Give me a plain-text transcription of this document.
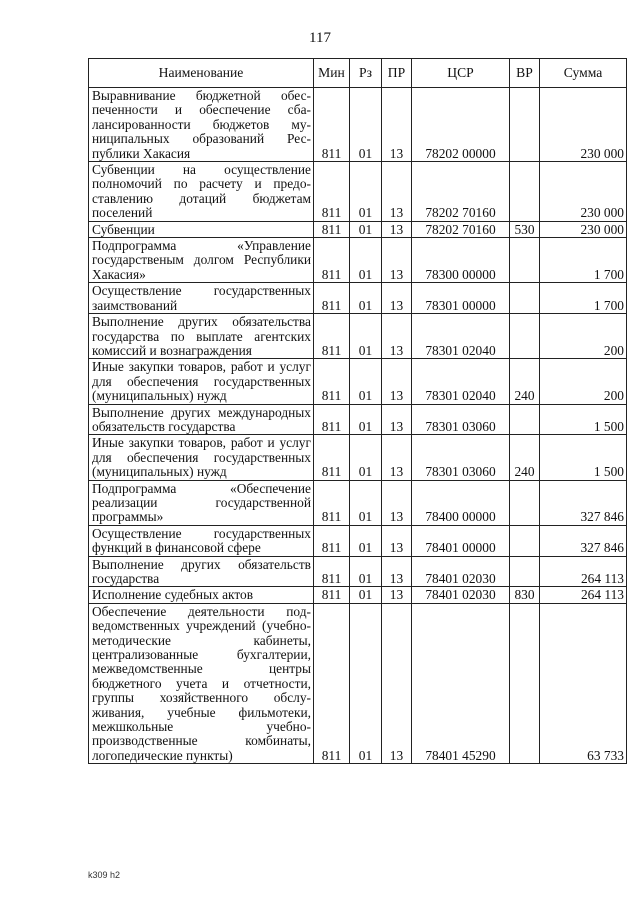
117
Наименование	Мин	Рз	ПР	ЦСР	ВР	Сумма
Выравнивание бюджетной обеспеченности и обеспечение сбалансированности бюджетов муниципальных образований Республики Хакасия	811	01	13	78202 00000		230 000
Субвенции на осуществление полномочий по расчету и предоставлению дотаций бюджетам поселений	811	01	13	78202 70160		230 000
Субвенции	811	01	13	78202 70160	530	230 000
Подпрограмма «Управление государственым долгом Республики Хакасия»	811	01	13	78300 00000		1 700
Осуществление государственных заимствований	811	01	13	78301 00000		1 700
Выполнение других обязательства государства по выплате агентских комиссий и вознаграждения	811	01	13	78301 02040		200
Иные закупки товаров, работ и услуг для обеспечения государственных (муниципальных) нужд	811	01	13	78301 02040	240	200
Выполнение других международных обязательств государства	811	01	13	78301 03060		1 500
Иные закупки товаров, работ и услуг для обеспечения государственных (муниципальных) нужд	811	01	13	78301 03060	240	1 500
Подпрограмма «Обеспечение реализации государственной программы»	811	01	13	78400 00000		327 846
Осуществление государственных функций в финансовой сфере	811	01	13	78401 00000		327 846
Выполнение других обязательств государства	811	01	13	78401 02030		264 113
Исполнение судебных актов	811	01	13	78401 02030	830	264 113
Обеспечение деятельности подведомственных учреждений (учебно-методические кабинеты, централизованные бухгалтерии, межведомственные центры бюджетного учета и отчетности, группы хозяйственного обслуживания, учебные фильмотеки, межшкольные учебнопроизводственные комбинаты, логопедические пункты)	811	01	13	78401 45290		63 733
k309 h2
